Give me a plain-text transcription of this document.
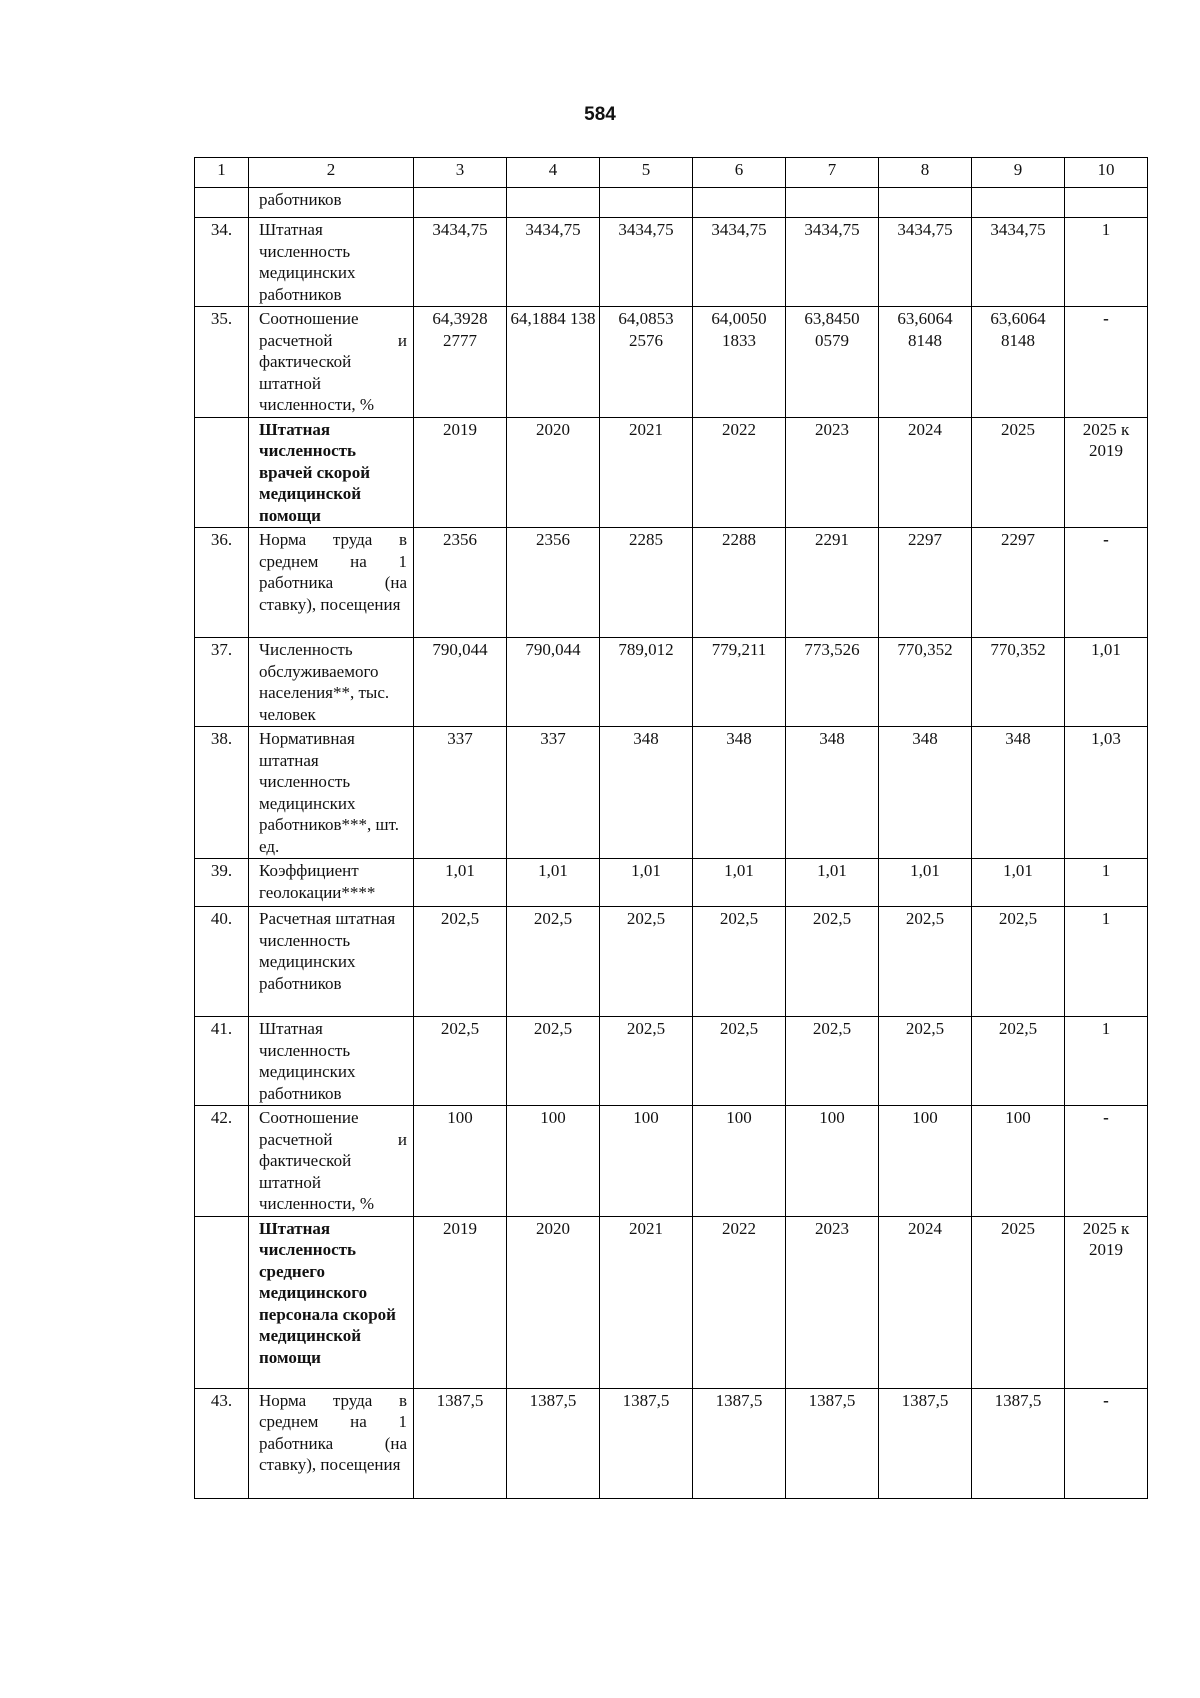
584
1	2	3	4	5	6	7	8	9	10
	работников								
34.	Штатная численность медицинских работников	3434,75	3434,75	3434,75	3434,75	3434,75	3434,75	3434,75	1
35.	Соотношение расчетной и фактической штатной численности, %	64,3928 2777	64,1884 138	64,0853 2576	64,0050 1833	63,8450 0579	63,6064 8148	63,6064 8148	-
	Штатная численность врачей скорой медицинской помощи	2019	2020	2021	2022	2023	2024	2025	2025 к 2019
36.	Норма труда в среднем на 1 работника (на ставку), посещения	2356	2356	2285	2288	2291	2297	2297	-
37.	Численность обслуживаемого населения**, тыс. человек	790,044	790,044	789,012	779,211	773,526	770,352	770,352	1,01
38.	Нормативная штатная численность медицинских работников***, шт. ед.	337	337	348	348	348	348	348	1,03
39.	Коэффициент геолокации****	1,01	1,01	1,01	1,01	1,01	1,01	1,01	1
40.	Расчетная штатная численность медицинских работников	202,5	202,5	202,5	202,5	202,5	202,5	202,5	1
41.	Штатная численность медицинских работников	202,5	202,5	202,5	202,5	202,5	202,5	202,5	1
42.	Соотношение расчетной и фактической штатной численности, %	100	100	100	100	100	100	100	-
	Штатная численность среднего медицинского персонала скорой медицинской помощи	2019	2020	2021	2022	2023	2024	2025	2025 к 2019
43.	Норма труда в среднем на 1 работника (на ставку), посещения	1387,5	1387,5	1387,5	1387,5	1387,5	1387,5	1387,5	-
